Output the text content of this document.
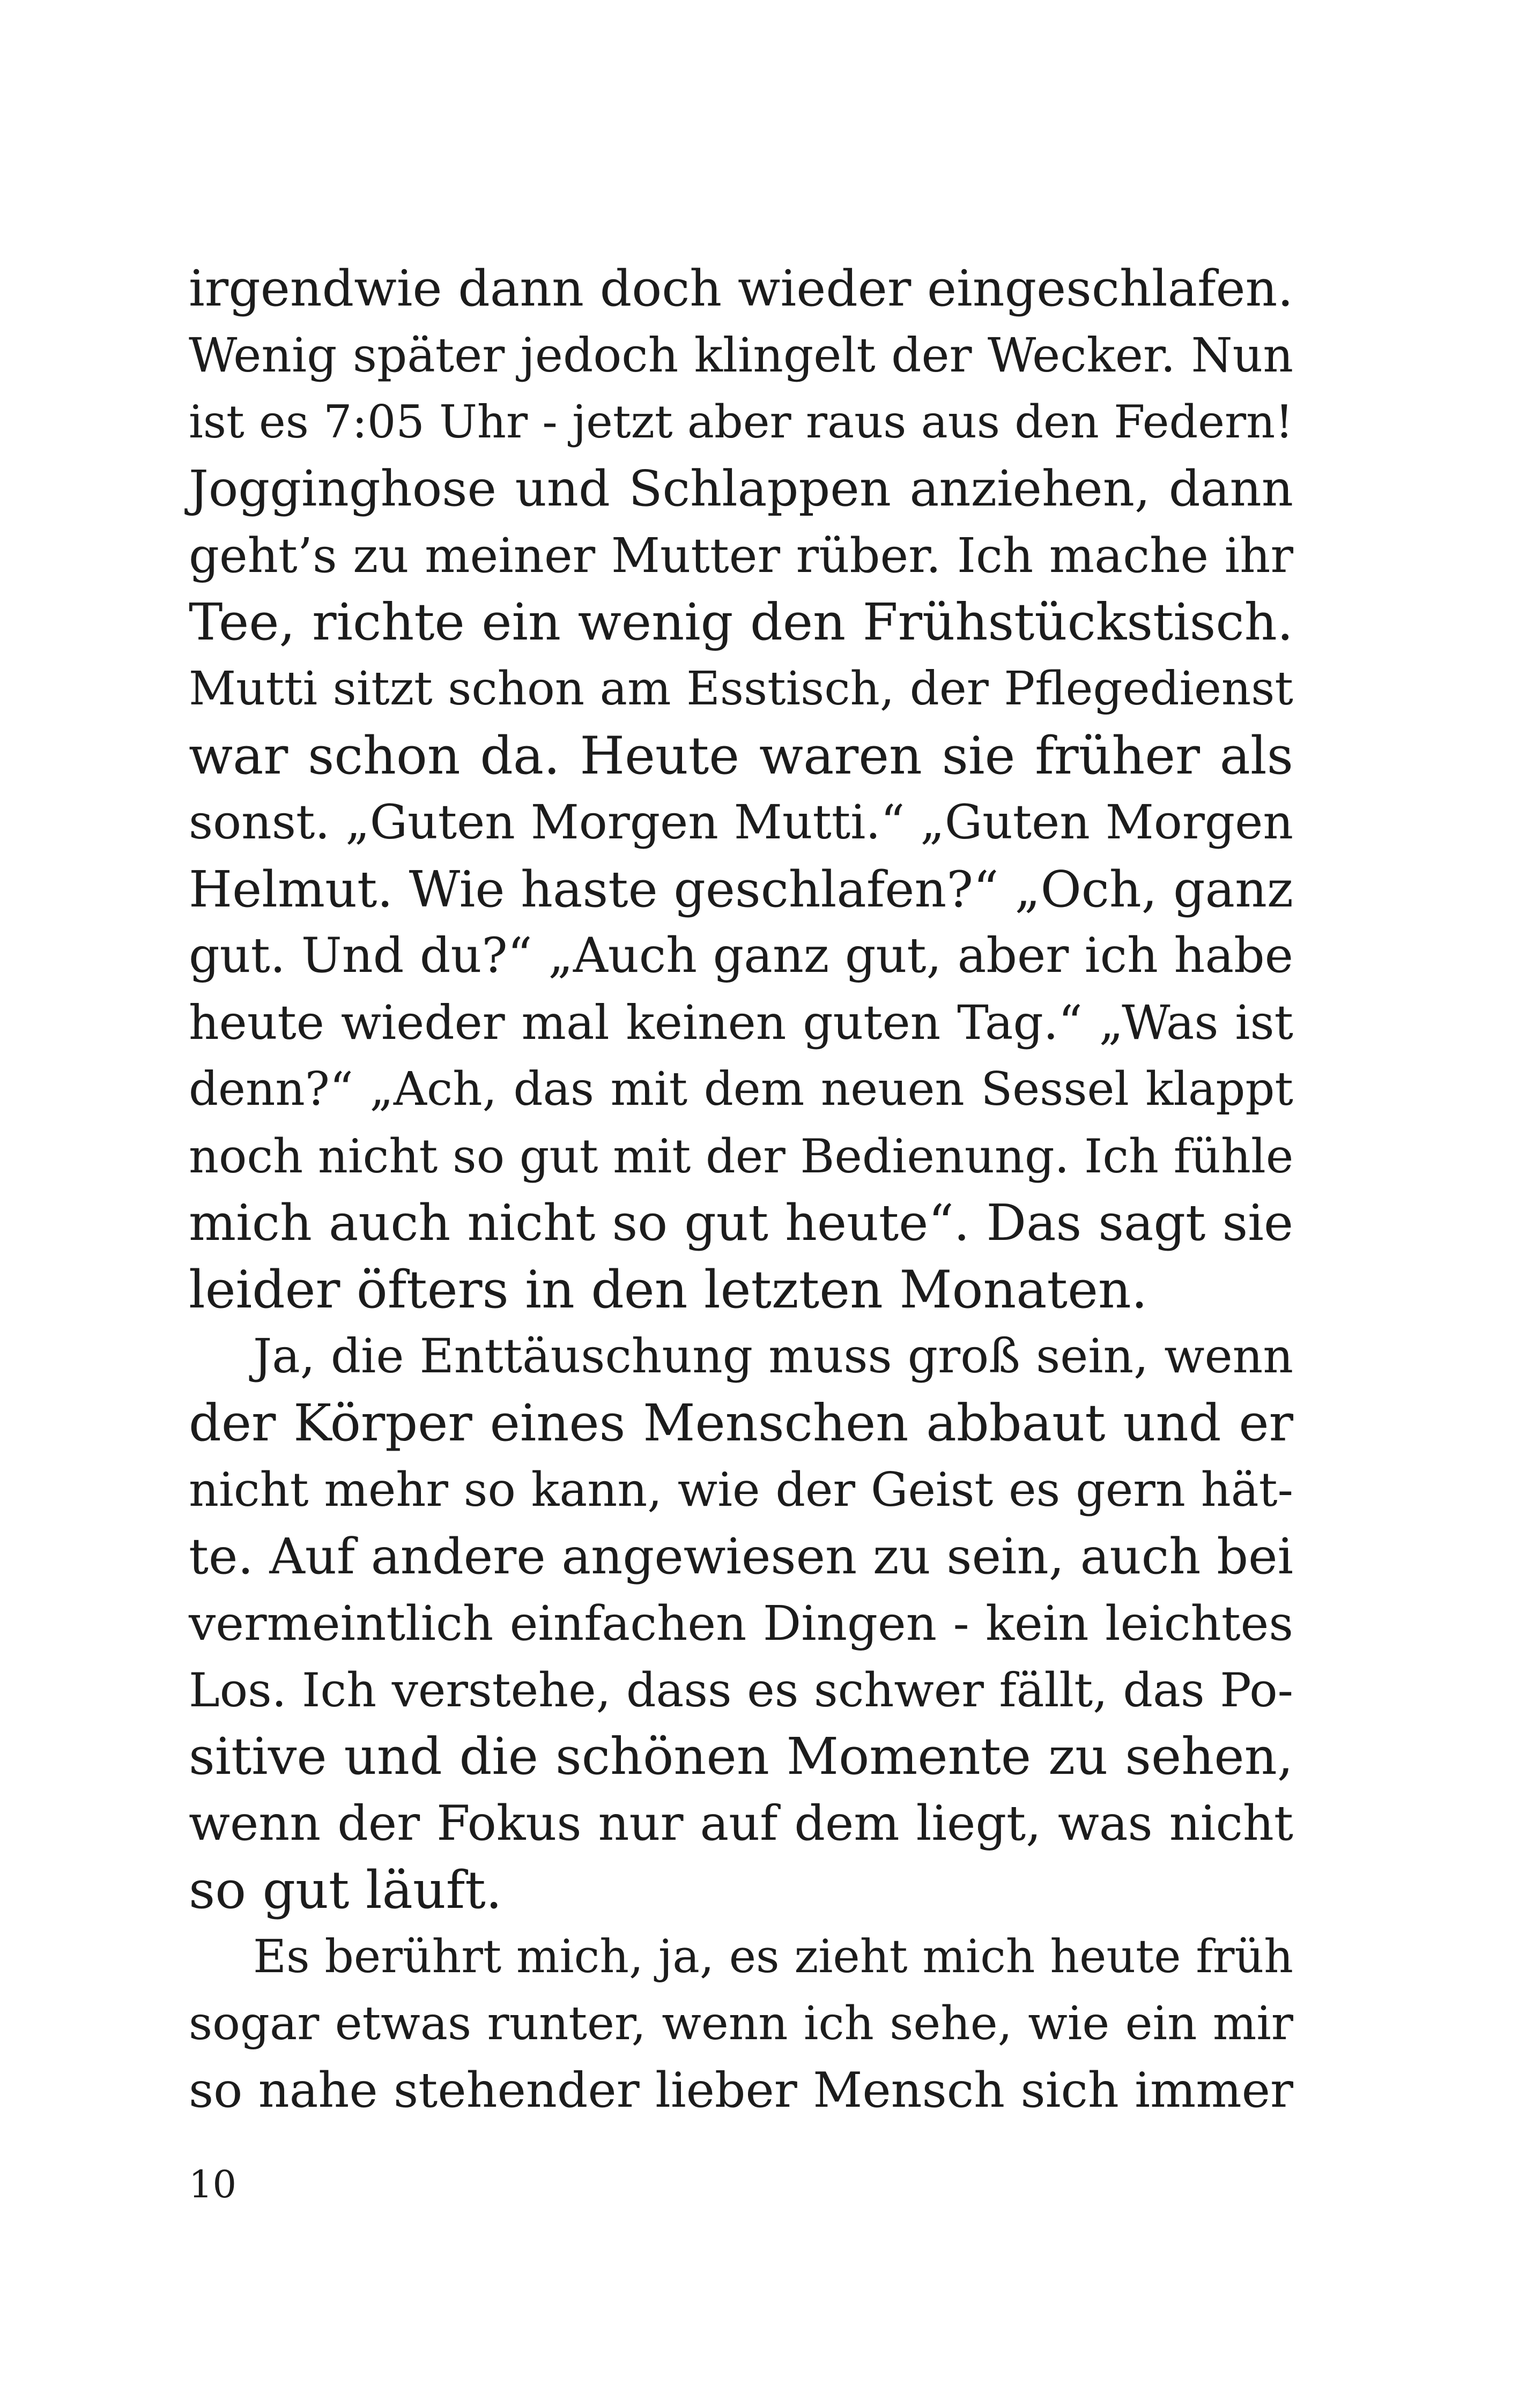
irgendwie dann doch wieder eingeschlafen.
Wenig später jedoch klingelt der Wecker. Nun
ist es 7:05 Uhr - jetzt aber raus aus den Federn!
Jogginghose und Schlappen anziehen, dann
geht’s zu meiner Mutter rüber. Ich mache ihr
Tee, richte ein wenig den Frühstückstisch.
Mutti sitzt schon am Esstisch, der Pflegedienst
war schon da. Heute waren sie früher als
sonst. „Guten Morgen Mutti.“ „Guten Morgen
Helmut. Wie haste geschlafen?“ „Och, ganz
gut. Und du?“ „Auch ganz gut, aber ich habe
heute wieder mal keinen guten Tag.“ „Was ist
denn?“ „Ach, das mit dem neuen Sessel klappt
noch nicht so gut mit der Bedienung. Ich fühle
mich auch nicht so gut heute“. Das sagt sie
leider öfters in den letzten Monaten.
Ja, die Enttäuschung muss groß sein, wenn
der Körper eines Menschen abbaut und er
nicht mehr so kann, wie der Geist es gern hät-
te. Auf andere angewiesen zu sein, auch bei
vermeintlich einfachen Dingen - kein leichtes
Los. Ich verstehe, dass es schwer fällt, das Po-
sitive und die schönen Momente zu sehen,
wenn der Fokus nur auf dem liegt, was nicht
so gut läuft.
Es berührt mich, ja, es zieht mich heute früh
sogar etwas runter, wenn ich sehe, wie ein mir
so nahe stehender lieber Mensch sich immer
10
